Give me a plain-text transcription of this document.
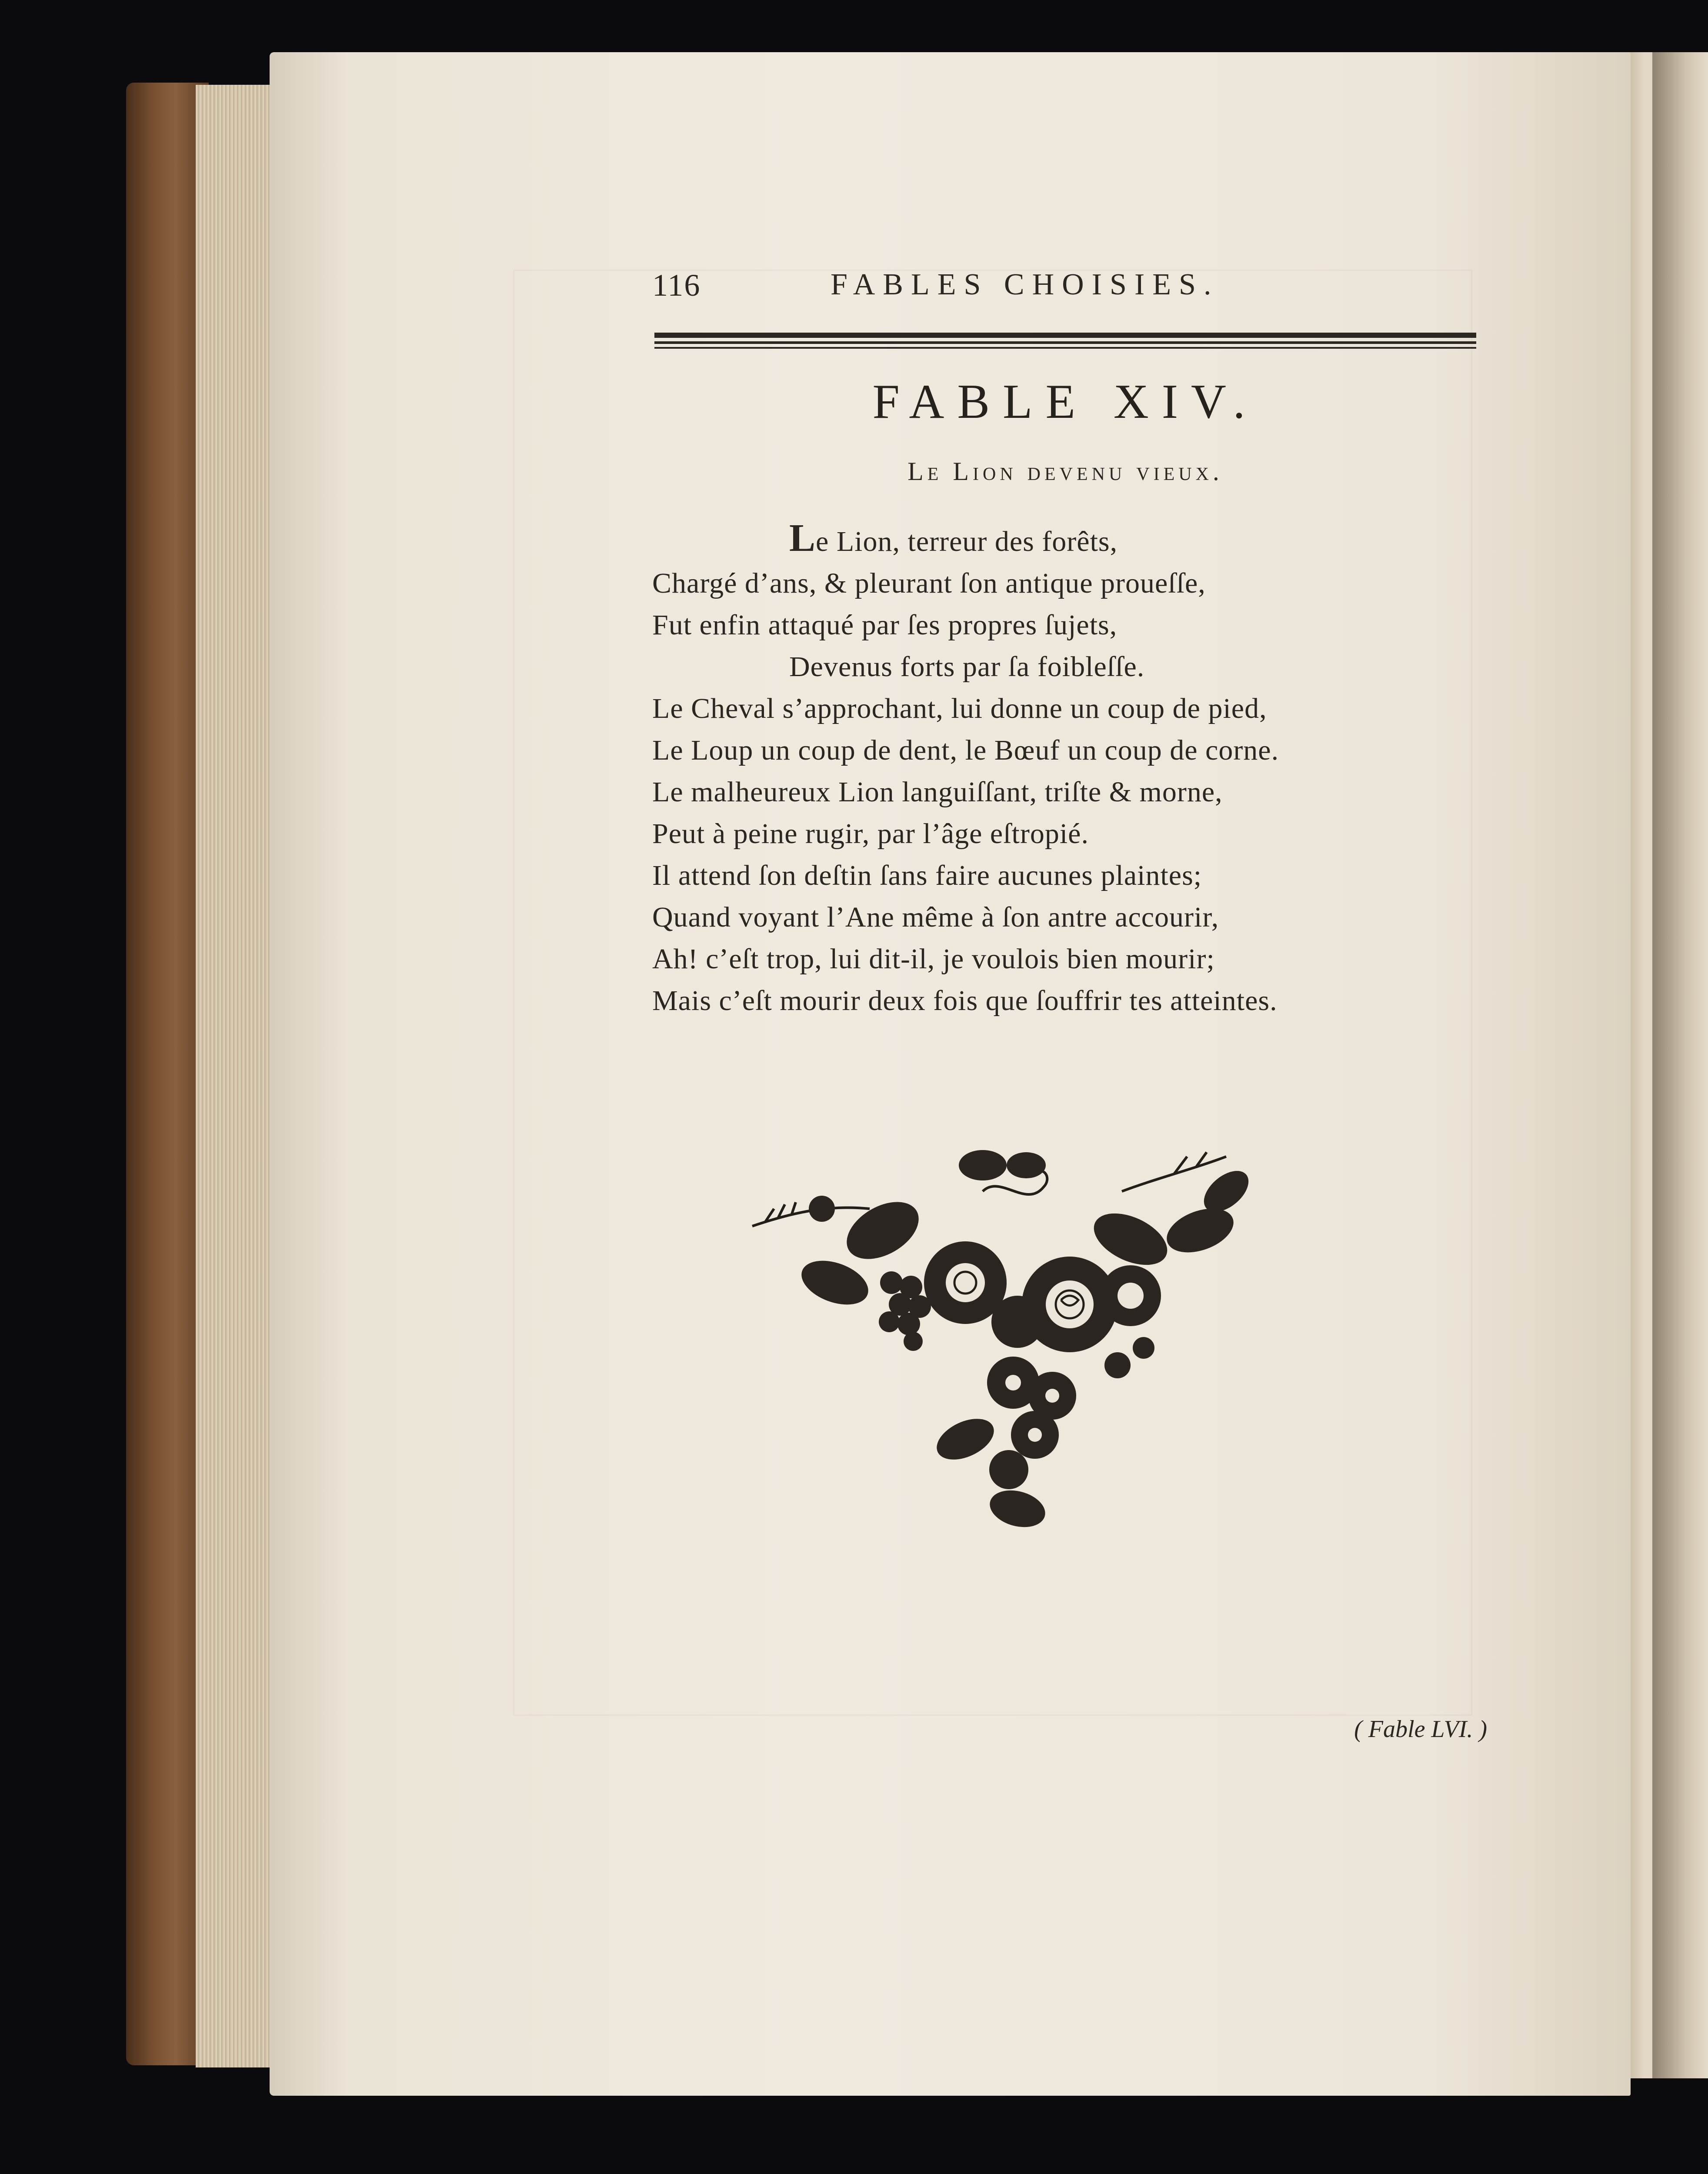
116	FABLES CHOISIES.
FABLE XIV.
Le Lion devenu vieux.
Le Lion, terreur des forêts,
Chargé d’ans, & pleurant ſon antique proueſſe,
Fut enfin attaqué par ſes propres ſujets,
Devenus forts par ſa foibleſſe.
Le Cheval s’approchant, lui donne un coup de pied,
Le Loup un coup de dent, le Bœuf un coup de corne.
Le malheureux Lion languiſſant, triſte & morne,
Peut à peine rugir, par l’âge eſtropié.
Il attend ſon deſtin ſans faire aucunes plaintes;
Quand voyant l’Ane même à ſon antre accourir,
Ah! c’eſt trop, lui dit-il, je voulois bien mourir;
Mais c’eſt mourir deux fois que ſouffrir tes atteintes.
( Fable LVI. )
